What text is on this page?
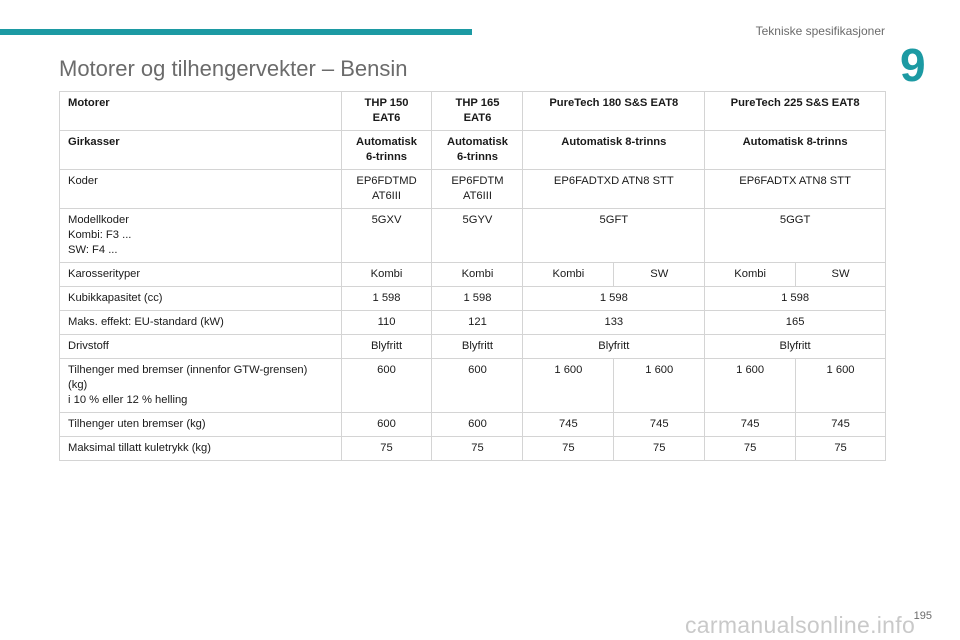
Tekniske spesifikasjoner
9
Motorer og tilhengervekter – Bensin
Motorer	THP 150 EAT6	THP 165 EAT6	PureTech 180 S&S EAT8		PureTech 225 S&S EAT8	
Girkasser	Automatisk 6-trinns	Automatisk 6-trinns	Automatisk 8-trinns		Automatisk 8-trinns	
Koder	EP6FDTMD AT6III	EP6FDTM AT6III	EP6FADTXD ATN8 STT		EP6FADTX ATN8 STT	

Modellkoder
Kombi: F3 ...
SW: F4 ...	5GXV	5GYV	5GFT		5GGT	
Karosserityper	Kombi	Kombi	Kombi	SW	Kombi	SW
Kubikkapasitet (cc)	1 598	1 598	1 598		1 598	
Maks. effekt: EU-standard (kW)	110	121	133		165	
Drivstoff	Blyfritt	Blyfritt	Blyfritt		Blyfritt	

Tilhenger med bremser (innenfor GTW-grensen)
(kg)
i 10 % eller 12 % helling	600	600	1 600	1 600	1 600	1 600
Tilhenger uten bremser (kg)	600	600	745	745	745	745
Maksimal tillatt kuletrykk (kg)	75	75	75	75	75	75
195
carmanualsonline.info
